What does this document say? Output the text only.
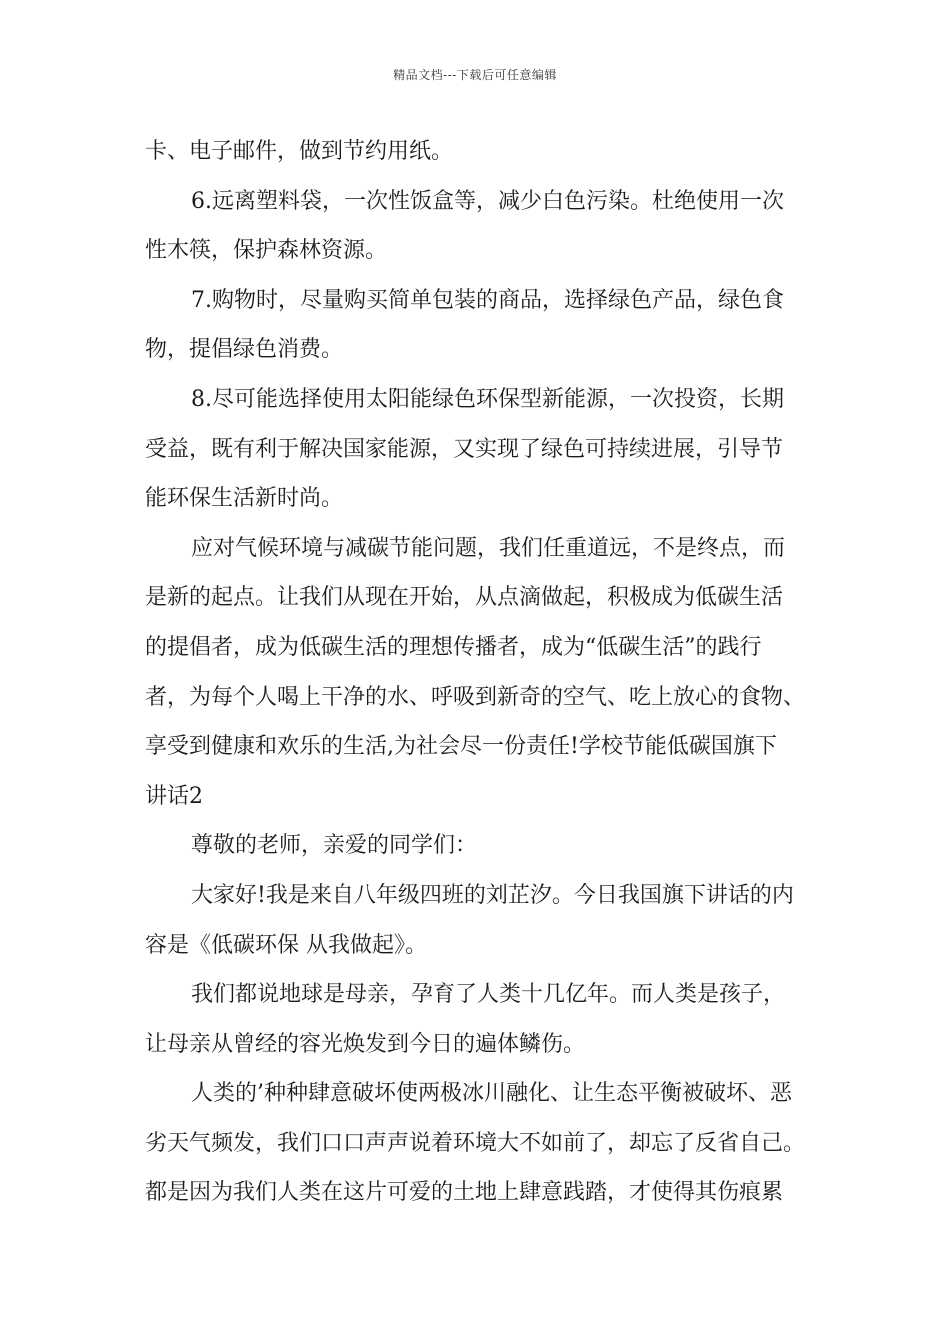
精品文档---下载后可任意编辑

卡、电子邮件，做到节约用纸。

6.远离塑料袋，一次性饭盒等，减少白色污染。杜绝使用一次
性木筷，保护森林资源。

7.购物时，尽量购买简单包装的商品，选择绿色产品，绿色食
物，提倡绿色消费。

8.尽可能选择使用太阳能绿色环保型新能源，一次投资，长期
受益，既有利于解决国家能源，又实现了绿色可持续进展，引导节
能环保生活新时尚。

应对气候环境与减碳节能问题，我们任重道远，不是终点，而
是新的起点。让我们从现在开始，从点滴做起，积极成为低碳生活
的提倡者，成为低碳生活的理想传播者，成为“低碳生活”的践行
者，为每个人喝上干净的水、呼吸到新奇的空气、吃上放心的食物、
享受到健康和欢乐的生活,为社会尽一份责任!学校节能低碳国旗下
讲话2

尊敬的老师，亲爱的同学们：

大家好!我是来自八年级四班的刘芷汐。今日我国旗下讲话的内
容是《低碳环保 从我做起》。

我们都说地球是母亲，孕育了人类十几亿年。而人类是孩子，
让母亲从曾经的容光焕发到今日的遍体鳞伤。

人类的’种种肆意破坏使两极冰川融化、让生态平衡被破坏、恶
劣天气频发，我们口口声声说着环境大不如前了，却忘了反省自己。
都是因为我们人类在这片可爱的土地上肆意践踏，才使得其伤痕累
